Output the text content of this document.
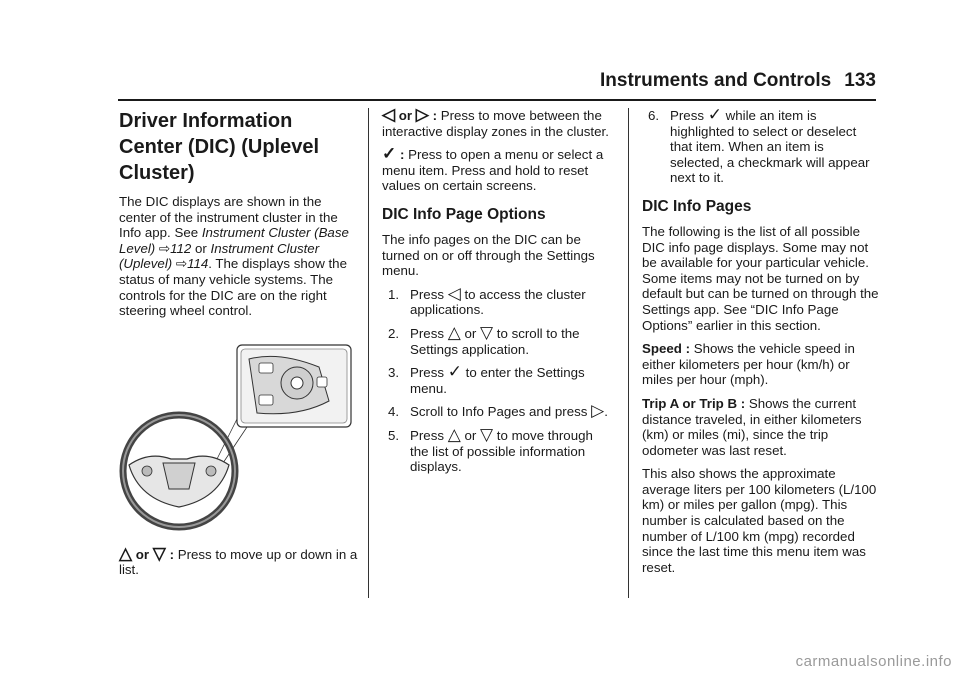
Instruments and Controls 133
Driver Information Center (DIC) (Uplevel Cluster)

The DIC displays are shown in the center of the instrument cluster in the Info app. See Instrument Cluster (Base Level) ⇨112 or Instrument Cluster (Uplevel) ⇨114. The displays show the status of many vehicle systems. The controls for the DIC are on the right steering wheel control.

△ or ▽ : Press to move up or down in a list.

◁ or ▷ : Press to move between the interactive display zones in the cluster.

✓ : Press to open a menu or select a menu item. Press and hold to reset values on certain screens.

DIC Info Page Options

The info pages on the DIC can be turned on or off through the Settings menu.

1. Press ◁ to access the cluster applications.
2. Press △ or ▽ to scroll to the Settings application.
3. Press ✓ to enter the Settings menu.
4. Scroll to Info Pages and press ▷.
5. Press △ or ▽ to move through the list of possible information displays.
6. Press ✓ while an item is highlighted to select or deselect that item. When an item is selected, a checkmark will appear next to it.
DIC Info Pages

The following is the list of all possible DIC info page displays. Some may not be available for your particular vehicle. Some items may not be turned on by default but can be turned on through the Settings app. See “DIC Info Page Options” earlier in this section.

Speed : Shows the vehicle speed in either kilometers per hour (km/h) or miles per hour (mph).

Trip A or Trip B : Shows the current distance traveled, in either kilometers (km) or miles (mi), since the trip odometer was last reset.

This also shows the approximate average liters per 100 kilometers (L/100 km) or miles per gallon (mpg). This number is calculated based on the number of L/100 km (mpg) recorded since the last time this menu item was reset.

carmanualsonline.info
